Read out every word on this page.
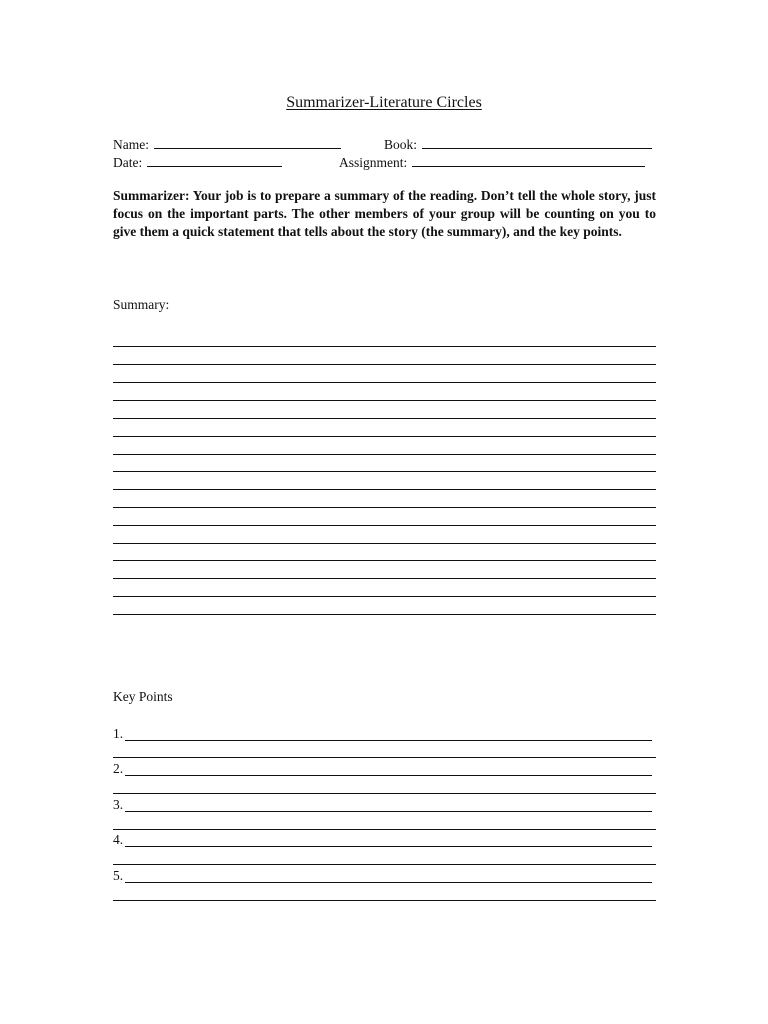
Summarizer-Literature Circles
Name:	Book:
Date:	Assignment:

Summarizer: Your job is to prepare a summary of the reading. Don’t tell the whole story, just focus on the important parts. The other members of your group will be counting on you to give them a quick statement that tells about the story (the summary), and the key points.

Summary:
Key Points
1.
2.
3.
4.
5.
